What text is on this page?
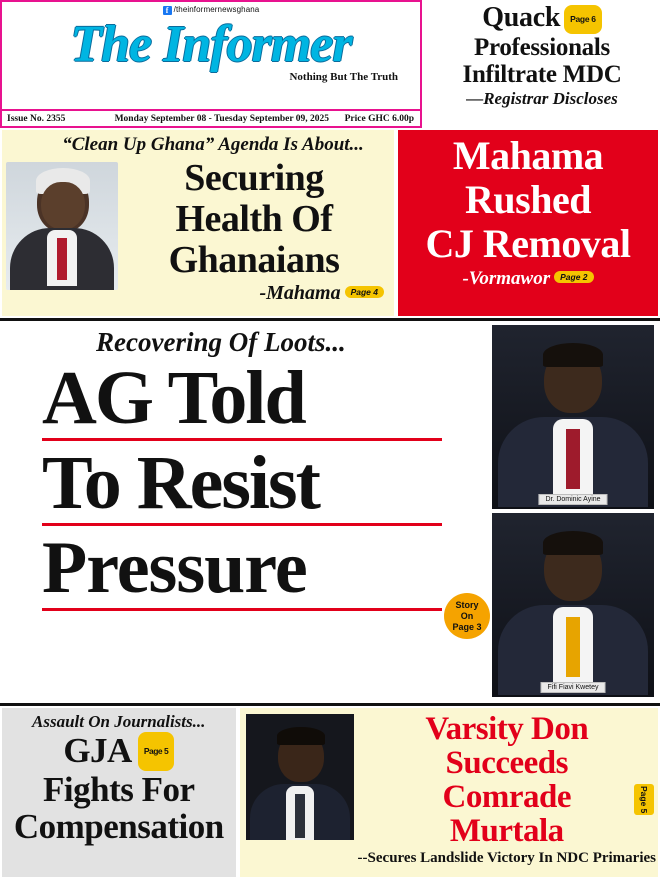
f /theinformernewsghana
The Informer
Nothing But The Truth
Issue No. 2355	Monday September 08 - Tuesday September 09, 2025	Price GHC 6.00p
Quack Page 6
Professionals
Infiltrate MDC
—Registrar Discloses
“Clean Up Ghana” Agenda Is About...
Securing
Health Of
Ghanaians
-Mahama Page 4
Mahama
Rushed
CJ Removal
-Vormawor Page 2
Recovering Of Loots...
AG Told
To Resist
Pressure	Story
On
Page 3
Dr. Dominic Ayine
Fifi Fiavi Kwetey
Assault On Journalists...
GJA Page 5
Fights For
Compensation
Varsity Don
Succeeds
Comrade
Murtala
--Secures Landslide Victory In NDC Primaries
Page 5
